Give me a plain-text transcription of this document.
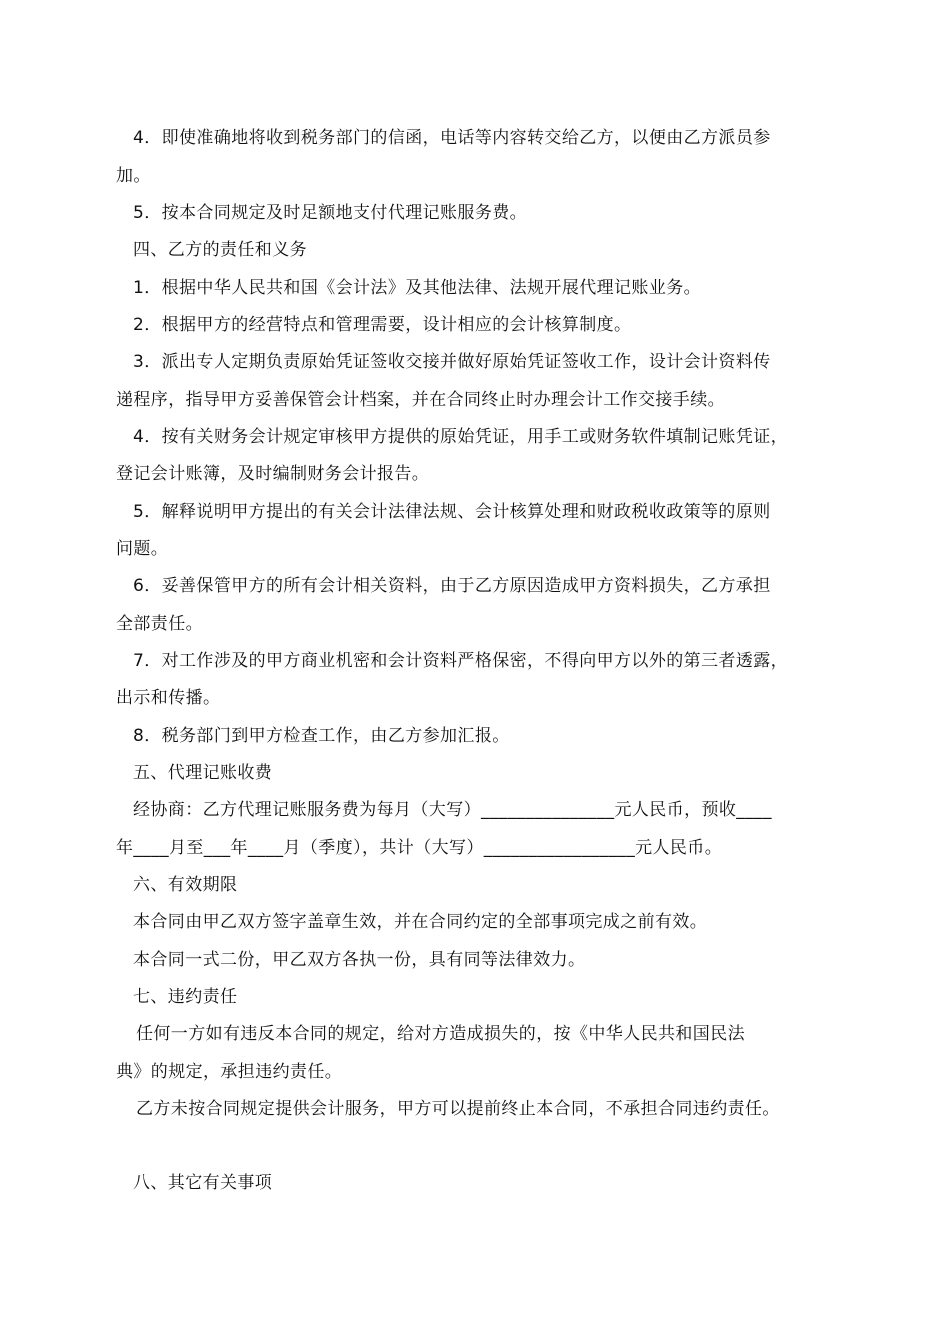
4．即使准确地将收到税务部门的信函，电话等内容转交给乙方，以便由乙方派员参
加。
5．按本合同规定及时足额地支付代理记账服务费。
四、乙方的责任和义务
1．根据中华人民共和国《会计法》及其他法律、法规开展代理记账业务。
2．根据甲方的经营特点和管理需要，设计相应的会计核算制度。
3．派出专人定期负责原始凭证签收交接并做好原始凭证签收工作，设计会计资料传
递程序，指导甲方妥善保管会计档案，并在合同终止时办理会计工作交接手续。
4．按有关财务会计规定审核甲方提供的原始凭证，用手工或财务软件填制记账凭证，
登记会计账簿，及时编制财务会计报告。
5．解释说明甲方提出的有关会计法律法规、会计核算处理和财政税收政策等的原则
问题。
6．妥善保管甲方的所有会计相关资料，由于乙方原因造成甲方资料损失，乙方承担
全部责任。
7．对工作涉及的甲方商业机密和会计资料严格保密，不得向甲方以外的第三者透露，
出示和传播。
8．税务部门到甲方检查工作，由乙方参加汇报。
五、代理记账收费
经协商：乙方代理记账服务费为每月（大写）_______________元人民币，预收____
年____月至___年____月（季度），共计（大写）_________________元人民币。
六、有效期限
本合同由甲乙双方签字盖章生效，并在合同约定的全部事项完成之前有效。
本合同一式二份，甲乙双方各执一份，具有同等法律效力。
七、违约责任
任何一方如有违反本合同的规定，给对方造成损失的，按《中华人民共和国民法
典》的规定，承担违约责任。
乙方未按合同规定提供会计服务，甲方可以提前终止本合同，不承担合同违约责任。
八、其它有关事项
